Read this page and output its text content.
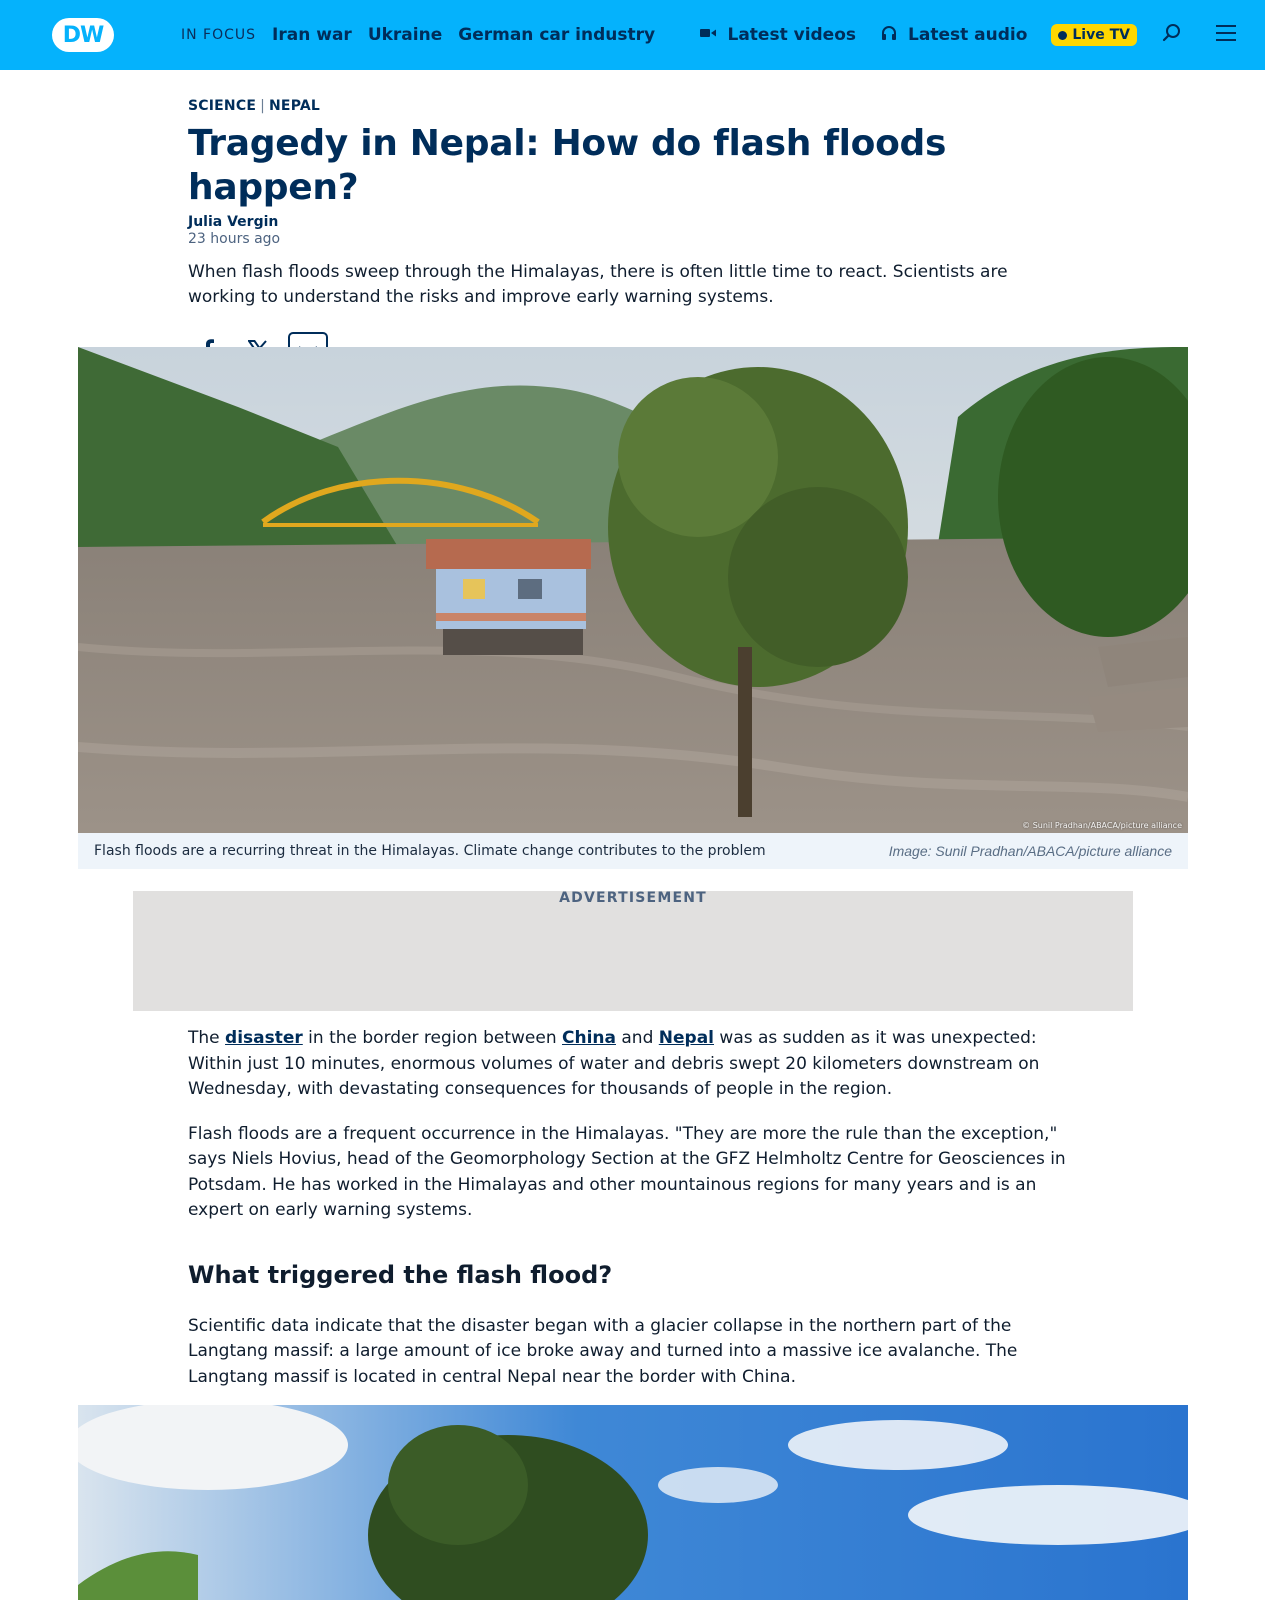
DW	IN FOCUS Iran war Ukraine German car industry	Latest videos	Latest audio	Live TV
SCIENCE | NEPAL
Tragedy in Nepal: How do flash floods happen?
Julia Vergin
23 hours ago

When flash floods sweep through the Himalayas, there is often little time to react. Scientists are working to understand the risks and improve early warning systems.

© Sunil Pradhan/ABACA/picture alliance
Flash floods are a recurring threat in the Himalayas. Climate change contributes to the problem	Image: Sunil Pradhan/ABACA/picture alliance
ADVERTISEMENT

The disaster in the border region between China and Nepal was as sudden as it was unexpected: Within just 10 minutes, enormous volumes of water and debris swept 20 kilometers downstream on Wednesday, with devastating consequences for thousands of people in the region.

Flash floods are a frequent occurrence in the Himalayas. "They are more the rule than the exception," says Niels Hovius, head of the Geomorphology Section at the GFZ Helmholtz Centre for Geosciences in Potsdam. He has worked in the Himalayas and other mountainous regions for many years and is an expert on early warning systems.

What triggered the flash flood?

Scientific data indicate that the disaster began with a glacier collapse in the northern part of the Langtang massif: a large amount of ice broke away and turned into a massive ice avalanche. The Langtang massif is located in central Nepal near the border with China.
